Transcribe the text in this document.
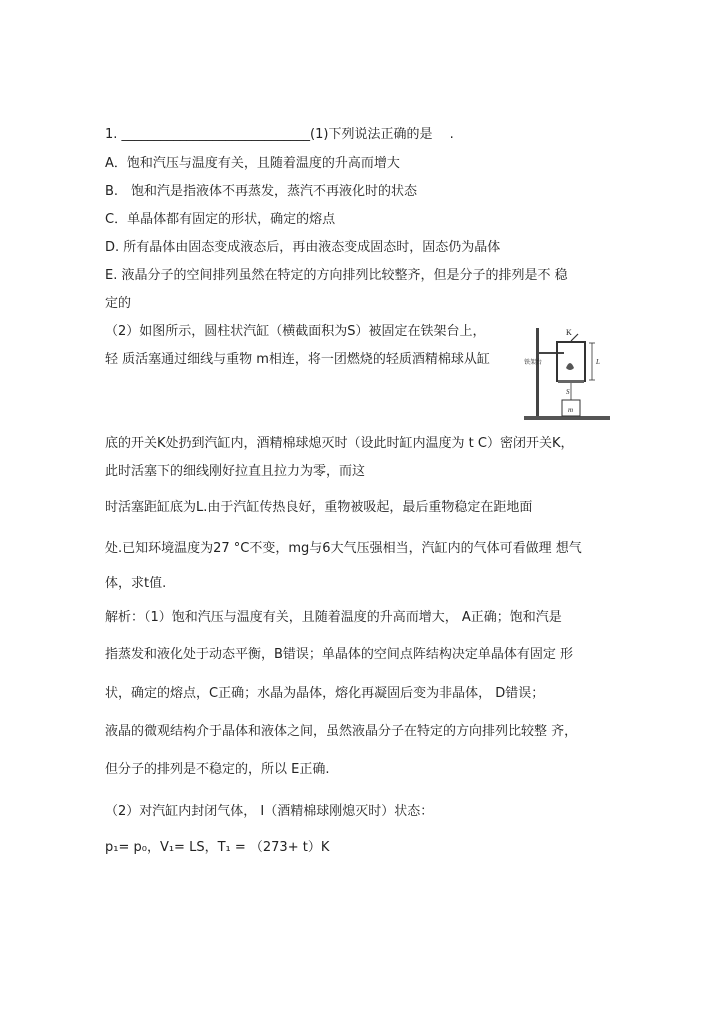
1. _____________________________(1)下列说法正确的是　 .
A．饱和汽压与温度有关，且随着温度的升高而增大
B.　饱和汽是指液体不再蒸发，蒸汽不再液化时的状态
C．单晶体都有固定的形状，确定的熔点
D. 所有晶体由固态变成液态后，再由液态变成固态时，固态仍为晶体
E. 液晶分子的空间排列虽然在特定的方向排列比较整齐，但是分子的排列是不 稳
定的
（2）如图所示，圆柱状汽缸（横截面积为S）被固定在铁架台上，
轻 质活塞通过细线与重物 m相连，将一团燃烧的轻质酒精棉球从缸
K
S
L
m
铁架台
底的开关K处扔到汽缸内，酒精棉球熄灭时（设此时缸内温度为 t C）密闭开关K，
此时活塞下的细线刚好拉直且拉力为零，而这
时活塞距缸底为L.由于汽缸传热良好，重物被吸起，最后重物稳定在距地面
处.已知环境温度为27 °C不变，mg与6大气压强相当，汽缸内的气体可看做理 想气
体，求t值.
解析：（1）饱和汽压与温度有关，且随着温度的升高而增大， A正确；饱和汽是
指蒸发和液化处于动态平衡，B错误；单晶体的空间点阵结构决定单晶体有固定 形
状，确定的熔点，C正确；水晶为晶体，熔化再凝固后变为非晶体， D错误；
液晶的微观结构介于晶体和液体之间，虽然液晶分子在特定的方向排列比较整 齐，
但分子的排列是不稳定的，所以 E正确.
（2）对汽缸内封闭气体， I（酒精棉球刚熄灭时）状态：
p₁= p₀，V₁= LS，T₁ = （273+ t）K
